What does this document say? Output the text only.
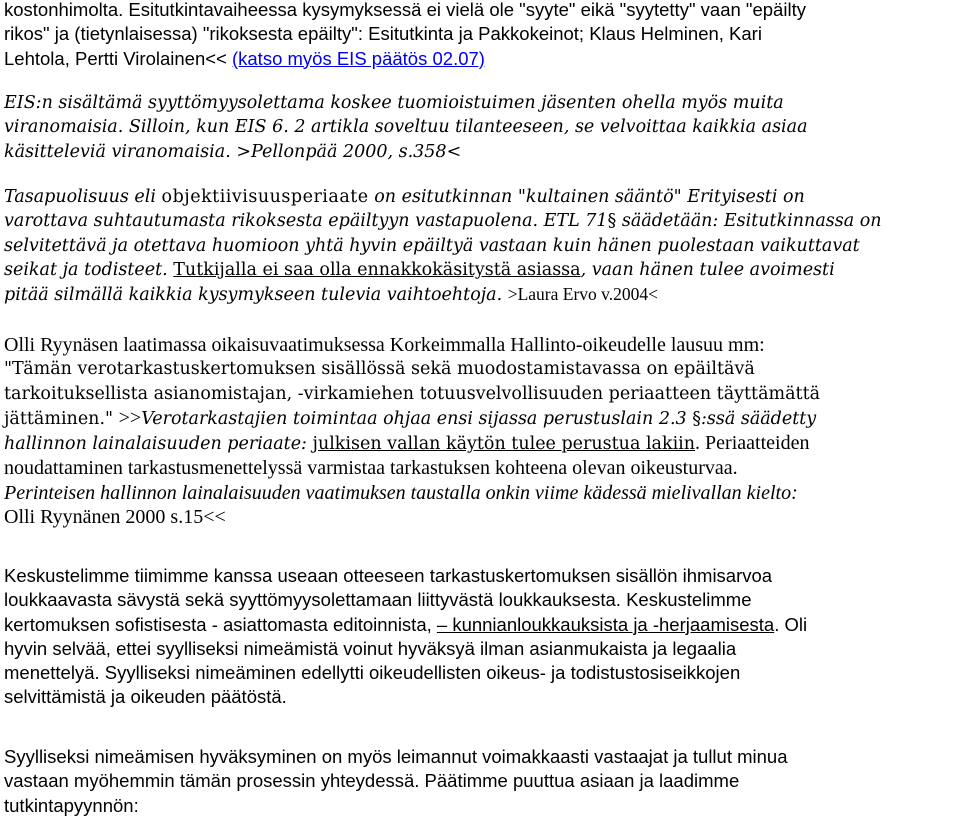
kostonhimolta. Esitutkintavaiheessa kysymyksessä ei vielä ole "syyte" eikä "syytetty" vaan "epäilty
rikos" ja (tietynlaisessa) "rikoksesta epäilty": Esitutkinta ja Pakkokeinot; Klaus Helminen, Kari
Lehtola, Pertti Virolainen<< (katso myös EIS päätös 02.07)
EIS:n sisältämä syyttömyysolettama koskee tuomioistuimen jäsenten ohella myös muita
viranomaisia. Silloin, kun EIS 6. 2 artikla soveltuu tilanteeseen, se velvoittaa kaikkia asiaa
käsitteleviä viranomaisia. >Pellonpää 2000, s.358<
Tasapuolisuus eli objektiivisuusperiaate on esitutkinnan "kultainen sääntö" Erityisesti on
varottava suhtautumasta rikoksesta epäiltyyn vastapuolena. ETL 71§ säädetään: Esitutkinnassa on
selvitettävä ja otettava huomioon yhtä hyvin epäiltyä vastaan kuin hänen puolestaan vaikuttavat
seikat ja todisteet. Tutkijalla ei saa olla ennakkokäsitystä asiassa, vaan hänen tulee avoimesti
pitää silmällä kaikkia kysymykseen tulevia vaihtoehtoja. >Laura Ervo v.2004<
Olli Ryynäsen laatimassa oikaisuvaatimuksessa Korkeimmalla Hallinto-oikeudelle lausuu mm:
"Tämän verotarkastuskertomuksen sisällössä sekä muodostamistavassa on epäiltävä
tarkoituksellista asianomistajan, -virkamiehen totuusvelvollisuuden periaatteen täyttämättä
jättäminen." >>Verotarkastajien toimintaa ohjaa ensi sijassa perustuslain 2.3 §:ssä säädetty
hallinnon lainalaisuuden periaate: julkisen vallan käytön tulee perustua lakiin. Periaatteiden
noudattaminen tarkastusmenettelyssä varmistaa tarkastuksen kohteena olevan oikeusturvaa.
Perinteisen hallinnon lainalaisuuden vaatimuksen taustalla onkin viime kädessä mielivallan kielto:
Olli Ryynänen 2000 s.15<<
Keskustelimme tiimimme kanssa useaan otteeseen tarkastuskertomuksen sisällön ihmisarvoa
loukkaavasta sävystä sekä syyttömyysolettamaan liittyvästä loukkauksesta. Keskustelimme
kertomuksen sofistisesta - asiattomasta editoinnista, – kunnianloukkauksista ja -herjaamisesta. Oli
hyvin selvää, ettei syylliseksi nimeämistä voinut hyväksyä ilman asianmukaista ja legaalia
menettelyä. Syylliseksi nimeäminen edellytti oikeudellisten oikeus- ja todistustosiseikkojen
selvittämistä ja oikeuden päätöstä.
Syylliseksi nimeämisen hyväksyminen on myös leimannut voimakkaasti vastaajat ja tullut minua
vastaan myöhemmin tämän prosessin yhteydessä. Päätimme puuttua asiaan ja laadimme
tutkintapyynnön:
